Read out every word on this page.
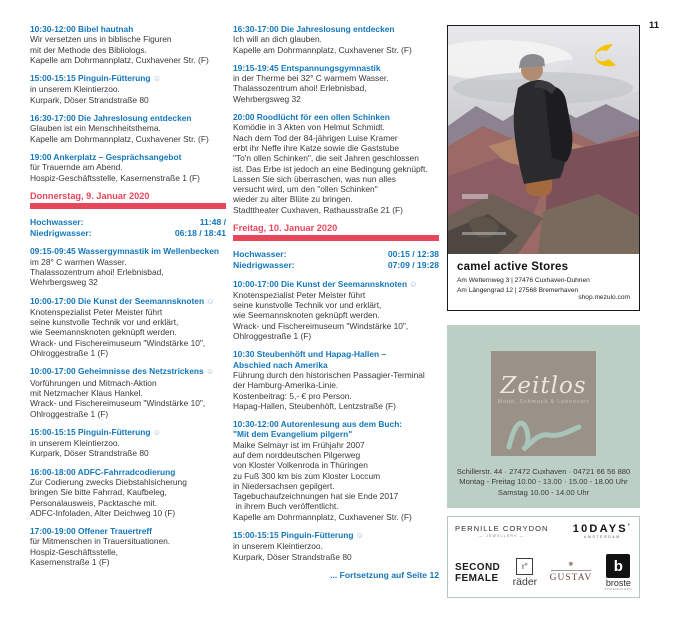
11
10:30-12:00 Bibel hautnah
Wir versetzen uns in biblische Figuren
mit der Methode des Bibliologs.
Kapelle am Dohrmannplatz, Cuxhavener Str. (F)
15:00-15:15 Pinguin-Fütterung ☺
in unserem Kleintierzoo.
Kurpark, Döser Strandstraße 80
16:30-17:00 Die Jahreslosung entdecken
Glauben ist ein Menschheitsthema.
Kapelle am Dohrmannplatz, Cuxhavener Str. (F)
19:00 Ankerplatz – Gesprächsangebot
für Trauernde am Abend.
Hospiz-Geschäftsstelle, Kasernenstraße 1 (F)
Donnerstag, 9. Januar 2020
Hochwasser:	11:48 /
Niedrigwasser:	06:18 / 18:41
09:15-09:45 Wassergymnastik im Wellenbecken
im 28° C warmen Wasser.
Thalassozentrum ahoi! Erlebnisbad,
Wehrbergsweg 32
10:00-17:00 Die Kunst der Seemannsknoten ☺
Knotenspezialist Peter Meister führt
seine kunstvolle Technik vor und erklärt,
wie Seemannsknoten geknüpft werden.
Wrack- und Fischereimuseum "Windstärke 10",
Ohlroggestraße 1 (F)
10:00-17:00 Geheimnisse des Netzstrickens ☺
Vorführungen und Mitmach-Aktion
mit Netzmacher Klaus Hankel.
Wrack- und Fischereimuseum "Windstärke 10",
Ohlroggestraße 1 (F)
15:00-15:15 Pinguin-Fütterung ☺
in unserem Kleintierzoo.
Kurpark, Döser Strandstraße 80
16:00-18:00 ADFC-Fahrradcodierung
Zur Codierung zwecks Diebstahlsicherung
bringen Sie bitte Fahrrad, Kaufbeleg,
Personalausweis, Packtasche mit.
ADFC-Infoladen, Alter Deichweg 10 (F)
17:00-19:00 Offener Trauertreff
für Mitmenschen in Trauersituationen.
Hospiz-Geschäftsstelle,
Kasernenstraße 1 (F)
16:30-17:00 Die Jahreslosung entdecken
Ich will an dich glauben.
Kapelle am Dohrmannplatz, Cuxhavener Str. (F)
19:15-19:45 Entspannungsgymnastik
in der Therme bei 32° C warmem Wasser.
Thalassozentrum ahoi! Erlebnisbad,
Wehrbergsweg 32
20:00 Roodlücht för een ollen Schinken
Komödie in 3 Akten von Helmut Schmidt.
Nach dem Tod der 84-jährigen Luise Kramer
erbt ihr Neffe ihre Katze sowie die Gaststube
"To'n ollen Schinken", die seit Jahren geschlossen
ist. Das Erbe ist jedoch an eine Bedingung geknüpft.
Lassen Sie sich überraschen, was nun alles
versucht wird, um den "ollen Schinken"
wieder zu alter Blüte zu bringen.
Stadttheater Cuxhaven, Rathausstraße 21 (F)
Freitag, 10. Januar 2020
Hochwasser:	00:15 / 12:38
Niedrigwasser:	07:09 / 19:28
10:00-17:00 Die Kunst der Seemannsknoten ☺
Knotenspezialist Peter Meister führt
seine kunstvolle Technik vor und erklärt,
wie Seemannsknoten geknüpft werden.
Wrack- und Fischereimuseum "Windstärke 10",
Ohlroggestraße 1 (F)
10:30 Steubenhöft und Hapag-Hallen –
Abschied nach Amerika
Führung durch den historischen Passagier-Terminal
der Hamburg-Amerika-Linie.
Kostenbeitrag: 5,- € pro Person.
Hapag-Hallen, Steubenhöft, Lentzstraße (F)
10:30-12:00 Autorenlesung aus dem Buch:
"Mit dem Evangelium pilgern"
Maike Selmayr ist im Frühjahr 2007
auf dem norddeutschen Pilgerweg
von Kloster Volkenroda in Thüringen
zu Fuß 300 km bis zum Kloster Loccum
in Niedersachsen gepilgert.
Tagebuchaufzeichnungen hat sie Ende 2017
in ihrem Buch veröffentlicht.
Kapelle am Dohrmannplatz, Cuxhavener Str. (F)
15:00-15:15 Pinguin-Fütterung ☺
in unserem Kleintierzoo.
Kurpark, Döser Strandstraße 80
... Fortsetzung auf Seite 12
camel active Stores
Am Wetternweg 3 | 27476 Cuxhaven-Duhnen
Am Längengrad 12 | 27568 Bremerhaven
shop.mezulo.com
Zeitlos
Mode, Schmuck & Lebensart
Schillerstr. 44 · 27472 Cuxhaven · 04721 66 56 880
Montag - Freitag 10.00 - 13.00 · 15.00 - 18.00 Uhr
Samstag 10.00 - 14.00 Uhr
PERNILLE CORYDON
— JEWELLERY —
10DAYS°
AMSTERDAM
SECOND
FEMALE
r°
räder
❋
GUSTAV
b
broste
COPENHAGEN
